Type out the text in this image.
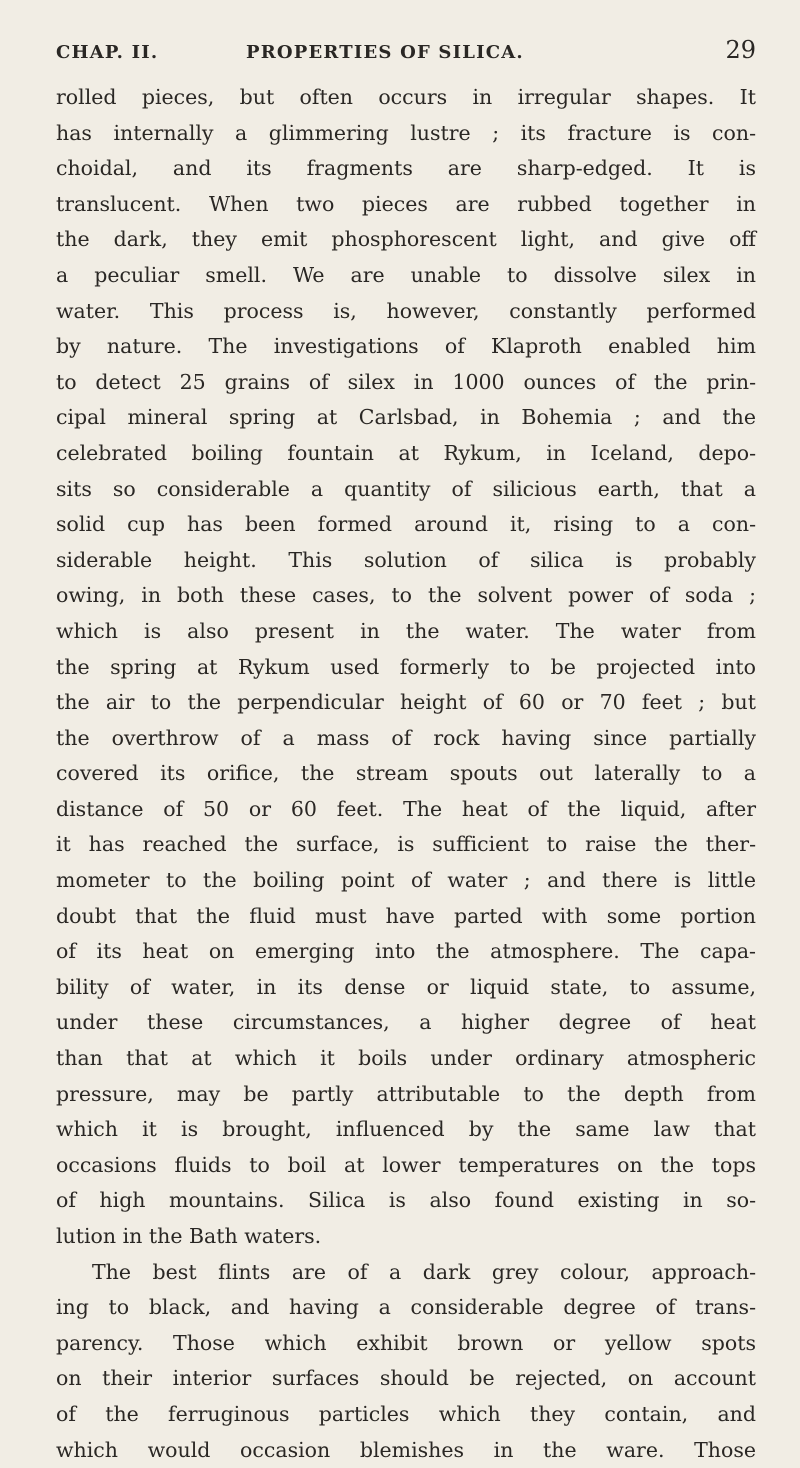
CHAP. II.	PROPERTIES OF SILICA.	29
rolled pieces, but often occurs in irregular shapes. It
has internally a glimmering lustre ; its fracture is con-
choidal, and its fragments are sharp-edged. It is
translucent. When two pieces are rubbed together in
the dark, they emit phosphorescent light, and give off
a peculiar smell. We are unable to dissolve silex in
water. This process is, however, constantly performed
by nature. The investigations of Klaproth enabled him
to detect 25 grains of silex in 1000 ounces of the prin-
cipal mineral spring at Carlsbad, in Bohemia ; and the
celebrated boiling fountain at Rykum, in Iceland, depo-
sits so considerable a quantity of silicious earth, that a
solid cup has been formed around it, rising to a con-
siderable height. This solution of silica is probably
owing, in both these cases, to the solvent power of soda ;
which is also present in the water. The water from
the spring at Rykum used formerly to be projected into
the air to the perpendicular height of 60 or 70 feet ; but
the overthrow of a mass of rock having since partially
covered its orifice, the stream spouts out laterally to a
distance of 50 or 60 feet. The heat of the liquid, after
it has reached the surface, is sufficient to raise the ther-
mometer to the boiling point of water ; and there is little
doubt that the fluid must have parted with some portion
of its heat on emerging into the atmosphere. The capa-
bility of water, in its dense or liquid state, to assume,
under these circumstances, a higher degree of heat
than that at which it boils under ordinary atmospheric
pressure, may be partly attributable to the depth from
which it is brought, influenced by the same law that
occasions fluids to boil at lower temperatures on the tops
of high mountains. Silica is also found existing in so-
lution in the Bath waters.
The best flints are of a dark grey colour, approach-
ing to black, and having a considerable degree of trans-
parency. Those which exhibit brown or yellow spots
on their interior surfaces should be rejected, on account
of the ferruginous particles which they contain, and
which would occasion blemishes in the ware. Those
